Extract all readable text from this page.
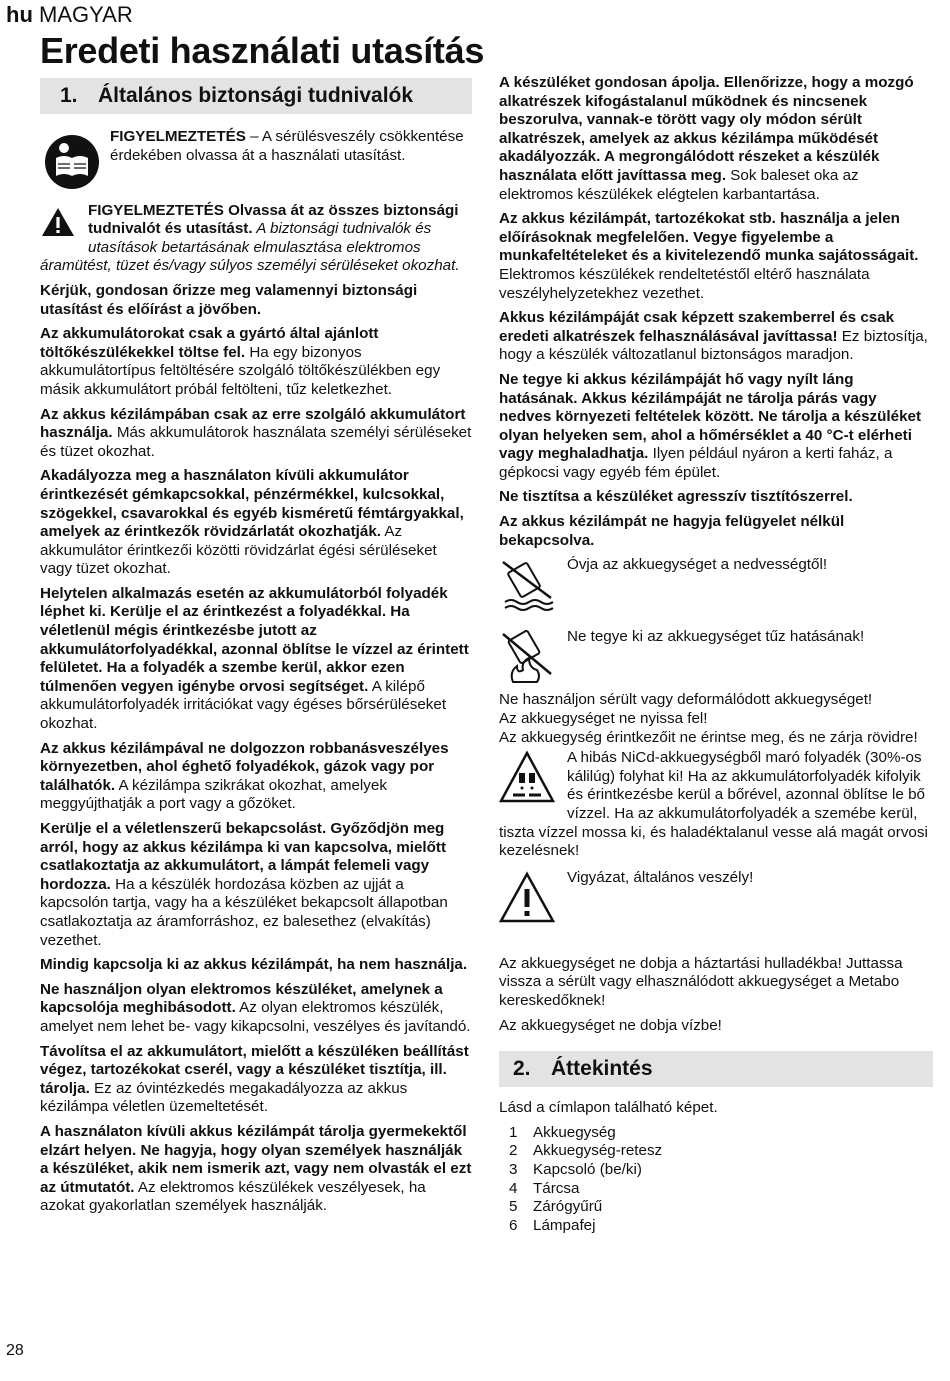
hu MAGYAR
Eredeti használati utasítás
1. Általános biztonsági tudnivalók

FIGYELMEZTETÉS – A sérülésveszély csökkentése érdekében olvassa át a használati utasítást.

FIGYELMEZTETÉS Olvassa át az összes biztonsági tudnivalót és utasítást. A biztonsági tudnivalók és utasítások betartásának elmulasztása elektromos áramütést, tüzet és/vagy súlyos személyi sérüléseket okozhat.

Kérjük, gondosan őrizze meg valamennyi biztonsági utasítást és előírást a jövőben.

Az akkumulátorokat csak a gyártó által ajánlott töltőkészülékekkel töltse fel. Ha egy bizonyos akkumulátortípus feltöltésére szolgáló töltőkészülékben egy másik akkumulátort próbál feltölteni, tűz keletkezhet.

Az akkus kézilámpában csak az erre szolgáló akkumulátort használja. Más akkumulátorok használata személyi sérüléseket és tüzet okozhat.

Akadályozza meg a használaton kívüli akkumulátor érintkezését gémkapcsokkal, pénzérmékkel, kulcsokkal, szögekkel, csavarokkal és egyéb kisméretű fémtárgyakkal, amelyek az érintkezők rövidzárlatát okozhatják. Az akkumulátor érintkezői közötti rövidzárlat égési sérüléseket vagy tüzet okozhat.

Helytelen alkalmazás esetén az akkumulátorból folyadék léphet ki. Kerülje el az érintkezést a folyadékkal. Ha véletlenül mégis érintkezésbe jutott az akkumulátorfolyadékkal, azonnal öblítse le vízzel az érintett felületet. Ha a folyadék a szembe kerül, akkor ezen túlmenően vegyen igénybe orvosi segítséget. A kilépő akkumulátorfolyadék irritációkat vagy égéses bőrsérüléseket okozhat.

Az akkus kézilámpával ne dolgozzon robbanásveszélyes környezetben, ahol éghető folyadékok, gázok vagy por találhatók. A kézilámpa szikrákat okozhat, amelyek meggyújthatják a port vagy a gőzöket.

Kerülje el a véletlenszerű bekapcsolást. Győződjön meg arról, hogy az akkus kézilámpa ki van kapcsolva, mielőtt csatlakoztatja az akkumulátort, a lámpát felemeli vagy hordozza. Ha a készülék hordozása közben az ujját a kapcsolón tartja, vagy ha a készüléket bekapcsolt állapotban csatlakoztatja az áramforráshoz, ez balesethez (elvakítás) vezethet.

Mindig kapcsolja ki az akkus kézilámpát, ha nem használja.

Ne használjon olyan elektromos készüléket, amelynek a kapcsolója meghibásodott. Az olyan elektromos készülék, amelyet nem lehet be- vagy kikapcsolni, veszélyes és javítandó.

Távolítsa el az akkumulátort, mielőtt a készüléken beállítást végez, tartozékokat cserél, vagy a készüléket tisztítja, ill. tárolja. Ez az óvintézkedés megakadályozza az akkus kézilámpa véletlen üzemeltetését.

A használaton kívüli akkus kézilámpát tárolja gyermekektől elzárt helyen. Ne hagyja, hogy olyan személyek használják a készüléket, akik nem ismerik azt, vagy nem olvasták el ezt az útmutatót. Az elektromos készülékek veszélyesek, ha azokat gyakorlatlan személyek használják.

A készüléket gondosan ápolja. Ellenőrizze, hogy a mozgó alkatrészek kifogástalanul működnek és nincsenek beszorulva, vannak-e törött vagy oly módon sérült alkatrészek, amelyek az akkus kézilámpa működését akadályozzák. A megrongálódott részeket a készülék használata előtt javíttassa meg. Sok baleset oka az elektromos készülékek elégtelen karbantartása.

Az akkus kézilámpát, tartozékokat stb. használja a jelen előírásoknak megfelelően. Vegye figyelembe a munkafeltételeket és a kivitelezendő munka sajátosságait. Elektromos készülékek rendeltetéstől eltérő használata veszélyhelyzetekhez vezethet.

Akkus kézilámpáját csak képzett szakemberrel és csak eredeti alkatrészek felhasználásával javíttassa! Ez biztosítja, hogy a készülék változatlanul biztonságos maradjon.

Ne tegye ki akkus kézilámpáját hő vagy nyílt láng hatásának. Akkus kézilámpáját ne tárolja párás vagy nedves környezeti feltételek között. Ne tárolja a készüléket olyan helyeken sem, ahol a hőmérséklet a 40 °C-t elérheti vagy meghaladhatja. Ilyen például nyáron a kerti faház, a gépkocsi vagy egyéb fém épület.

Ne tisztítsa a készüléket agresszív tisztítószerrel.

Az akkus kézilámpát ne hagyja felügyelet nélkül bekapcsolva.

Óvja az akkuegységet a nedvességtől!

Ne tegye ki az akkuegységet tűz hatásának!

Ne használjon sérült vagy deformálódott akkuegységet!

Az akkuegységet ne nyissa fel!

Az akkuegység érintkezőit ne érintse meg, és ne zárja rövidre!

A hibás NiCd-akkuegységből maró folyadék (30%-os kálilúg) folyhat ki! Ha az akkumulátorfolyadék kifolyik és érintkezésbe kerül a bőrével, azonnal öblítse le bő vízzel. Ha az akkumulátorfolyadék a szemébe kerül, tiszta vízzel mossa ki, és haladéktalanul vesse alá magát orvosi kezelésnek!

Vigyázat, általános veszély!

Az akkuegységet ne dobja a háztartási hulladékba! Juttassa vissza a sérült vagy elhasználódott akkuegységet a Metabo kereskedőknek!

Az akkuegységet ne dobja vízbe!

2. Áttekintés

Lásd a címlapon található képet.

1	Akkuegység
2	Akkuegység-retesz
3	Kapcsoló (be/ki)
4	Tárcsa
5	Zárógyűrű
6	Lámpafej
28
